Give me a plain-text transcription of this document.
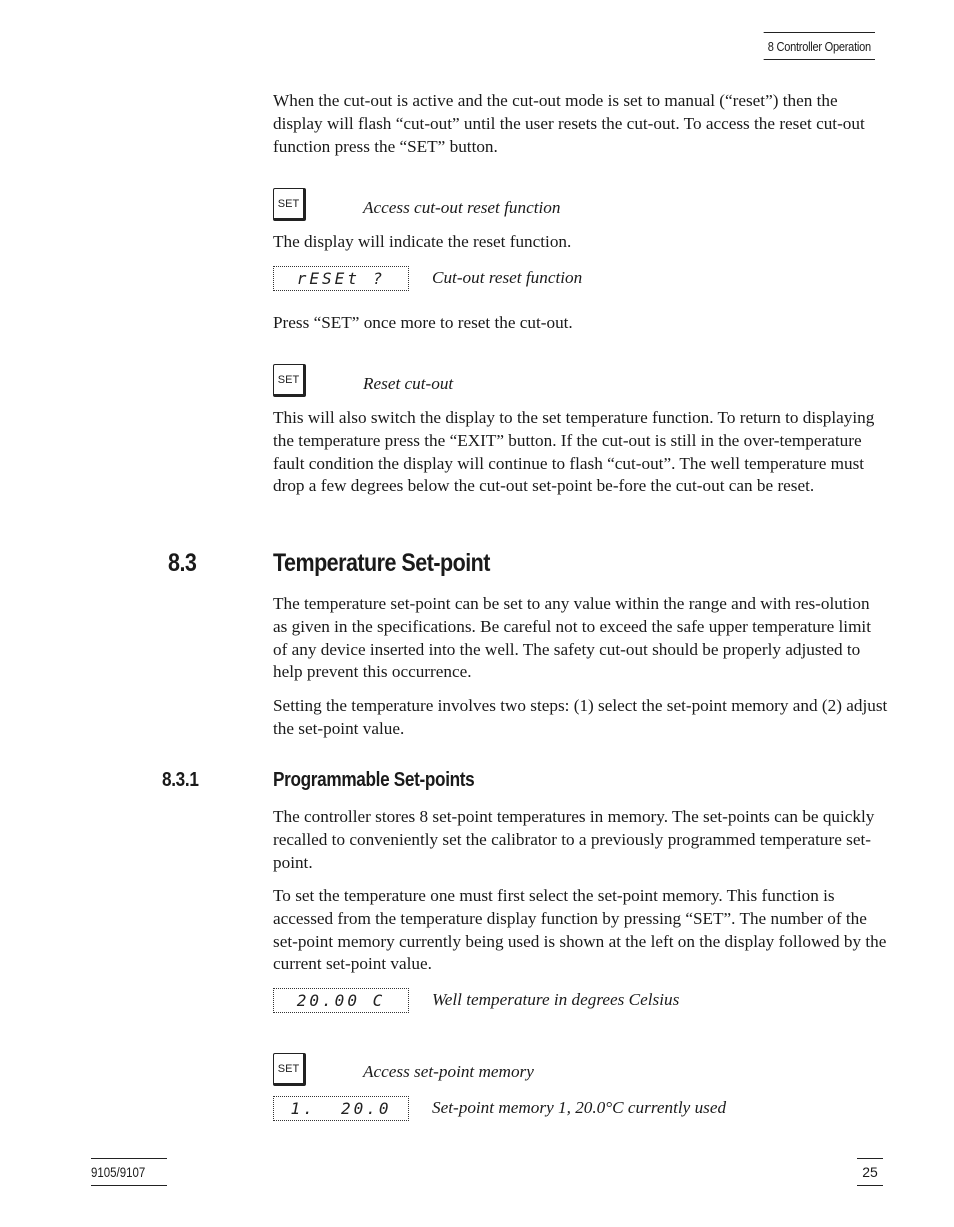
8 Controller Operation

When the cut-out is active and the cut-out mode is set to manual (“reset”) then the display will flash “cut-out” until the user resets the cut-out. To access the reset cut-out function press the “SET” button.

SET	Access cut-out reset function

The display will indicate the reset function.

rESEt ?	Cut-out reset function

Press “SET” once more to reset the cut-out.

SET	Reset cut-out

This will also switch the display to the set temperature function. To return to displaying the temperature press the “EXIT” button. If the cut-out is still in the over-temperature fault condition the display will continue to flash “cut-out”. The well temperature must drop a few degrees below the cut-out set-point be-fore the cut-out can be reset.

8.3	Temperature Set-point

The temperature set-point can be set to any value within the range and with res-olution as given in the specifications. Be careful not to exceed the safe upper temperature limit of any device inserted into the well. The safety cut-out should be properly adjusted to help prevent this occurrence.

Setting the temperature involves two steps: (1) select the set-point memory and (2) adjust the set-point value.

8.3.1	Programmable Set-points

The controller stores 8 set-point temperatures in memory. The set-points can be quickly recalled to conveniently set the calibrator to a previously programmed temperature set-point.

To set the temperature one must first select the set-point memory. This function is accessed from the temperature display function by pressing “SET”. The number of the set-point memory currently being used is shown at the left on the display followed by the current set-point value.

20.00 C	Well temperature in degrees Celsius
SET	Access set-point memory
1.  20.0	Set-point memory 1, 20.0°C currently used
9105/9107	25
